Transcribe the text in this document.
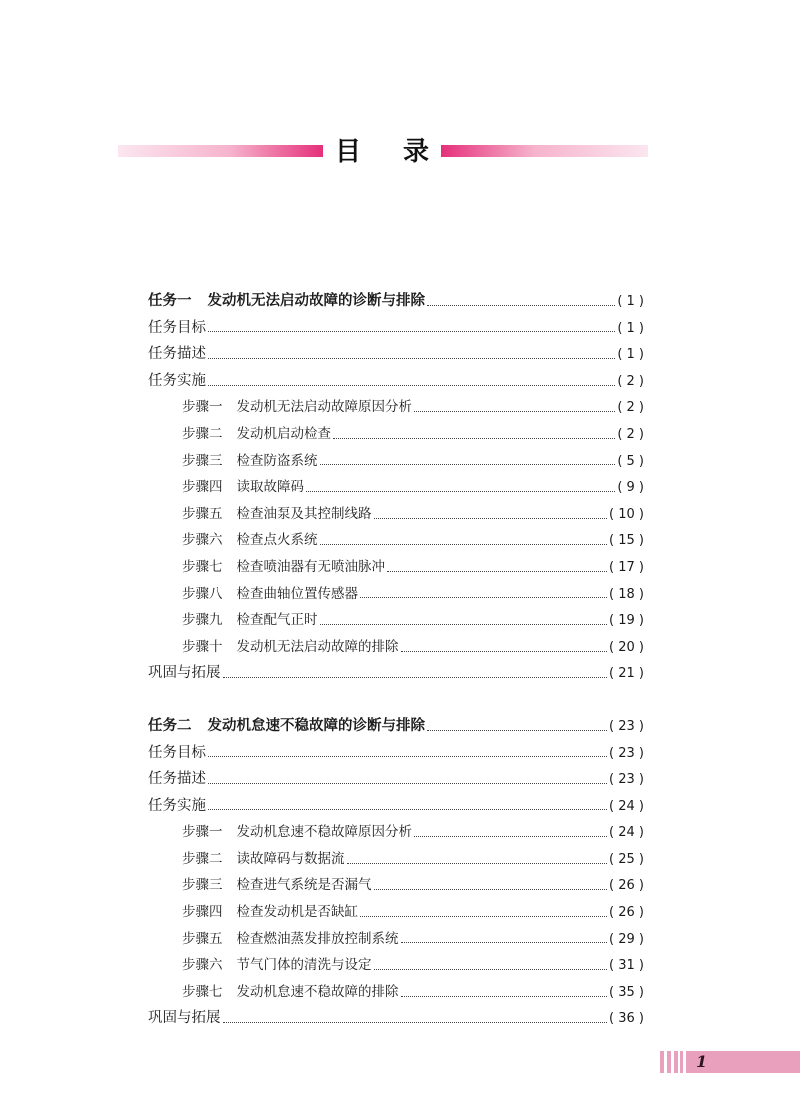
目 录
任务一 发动机无法启动故障的诊断与排除	( 1 )
任务目标	( 1 )
任务描述	( 1 )
任务实施	( 2 )
步骤一 发动机无法启动故障原因分析	( 2 )
步骤二 发动机启动检查	( 2 )
步骤三 检查防盗系统	( 5 )
步骤四 读取故障码	( 9 )
步骤五 检查油泵及其控制线路	( 10 )
步骤六 检查点火系统	( 15 )
步骤七 检查喷油器有无喷油脉冲	( 17 )
步骤八 检查曲轴位置传感器	( 18 )
步骤九 检查配气正时	( 19 )
步骤十 发动机无法启动故障的排除	( 20 )
巩固与拓展	( 21 )
任务二 发动机怠速不稳故障的诊断与排除	( 23 )
任务目标	( 23 )
任务描述	( 23 )
任务实施	( 24 )
步骤一 发动机怠速不稳故障原因分析	( 24 )
步骤二 读故障码与数据流	( 25 )
步骤三 检查进气系统是否漏气	( 26 )
步骤四 检查发动机是否缺缸	( 26 )
步骤五 检查燃油蒸发排放控制系统	( 29 )
步骤六 节气门体的清洗与设定	( 31 )
步骤七 发动机怠速不稳故障的排除	( 35 )
巩固与拓展	( 36 )
1
